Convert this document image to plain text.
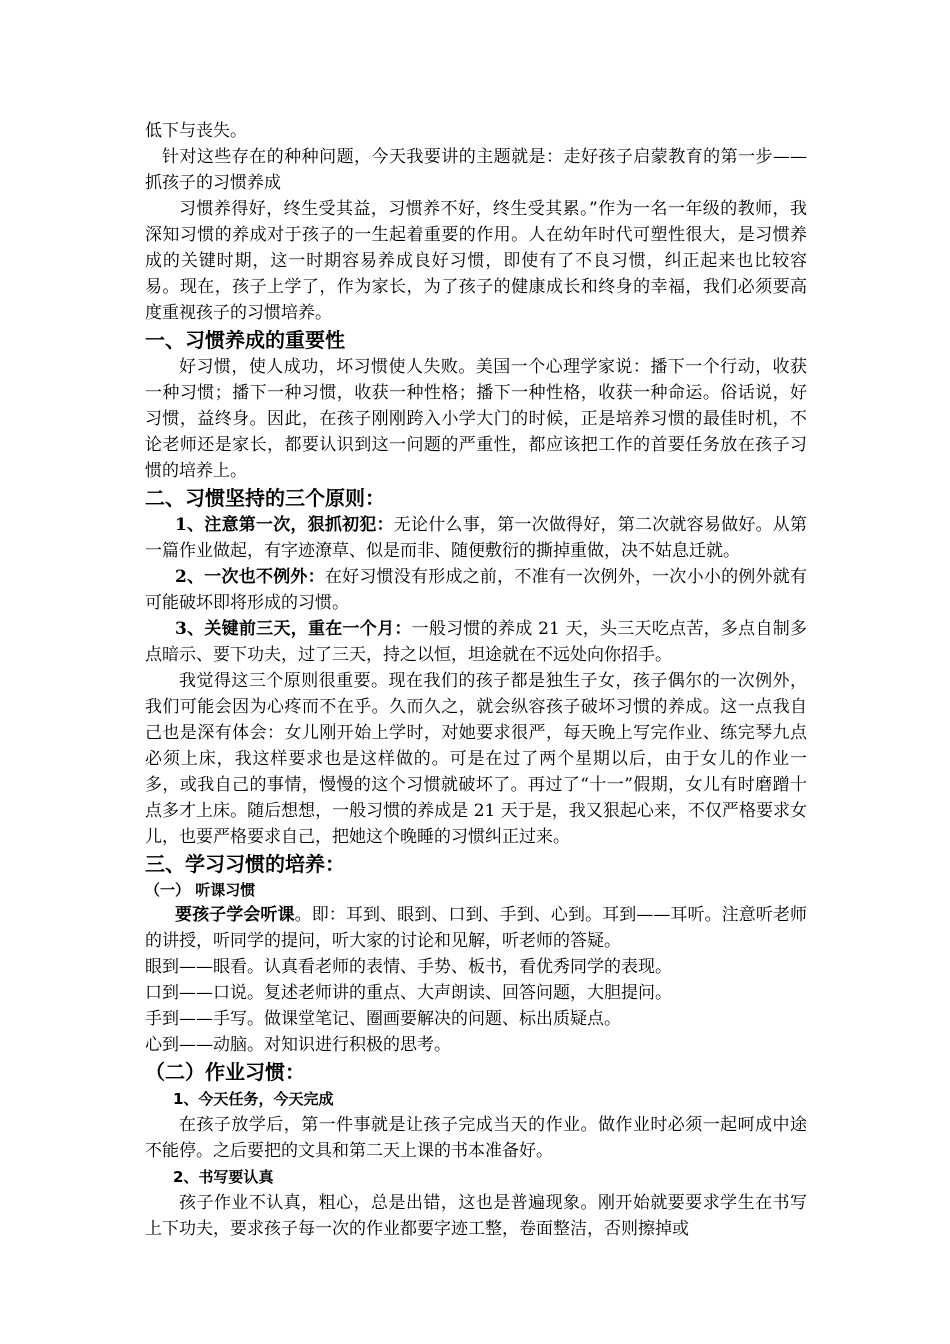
低下与丧失。

针对这些存在的种种问题，今天我要讲的主题就是：走好孩子启蒙教育的第一步——抓孩子的习惯养成

习惯养得好，终生受其益，习惯养不好，终生受其累。”作为一名一年级的教师，我深知习惯的养成对于孩子的一生起着重要的作用。人在幼年时代可塑性很大，是习惯养成的关键时期，这一时期容易养成良好习惯，即使有了不良习惯，纠正起来也比较容易。现在，孩子上学了，作为家长，为了孩子的健康成长和终身的幸福，我们必须要高度重视孩子的习惯培养。

一、习惯养成的重要性

好习惯，使人成功，坏习惯使人失败。美国一个心理学家说：播下一个行动，收获一种习惯；播下一种习惯，收获一种性格；播下一种性格，收获一种命运。俗话说，好习惯，益终身。因此，在孩子刚刚跨入小学大门的时候，正是培养习惯的最佳时机，不论老师还是家长，都要认识到这一问题的严重性，都应该把工作的首要任务放在孩子习惯的培养上。

二、习惯坚持的三个原则：

1、注意第一次，狠抓初犯：无论什么事，第一次做得好，第二次就容易做好。从第一篇作业做起，有字迹潦草、似是而非、随便敷衍的撕掉重做，决不姑息迁就。

2、一次也不例外：在好习惯没有形成之前，不准有一次例外，一次小小的例外就有可能破坏即将形成的习惯。

3、关键前三天，重在一个月：一般习惯的养成 21 天，头三天吃点苦，多点自制多点暗示、要下功夫，过了三天，持之以恒，坦途就在不远处向你招手。

我觉得这三个原则很重要。现在我们的孩子都是独生子女，孩子偶尔的一次例外，我们可能会因为心疼而不在乎。久而久之，就会纵容孩子破坏习惯的养成。这一点我自己也是深有体会：女儿刚开始上学时，对她要求很严，每天晚上写完作业、练完琴九点必须上床，我这样要求也是这样做的。可是在过了两个星期以后，由于女儿的作业一多，或我自己的事情，慢慢的这个习惯就破坏了。再过了“十一”假期，女儿有时磨蹭十点多才上床。随后想想，一般习惯的养成是 21 天于是，我又狠起心来，不仅严格要求女儿，也要严格要求自己，把她这个晚睡的习惯纠正过来。

三、学习习惯的培养：

（一） 听课习惯

要孩子学会听课。即：耳到、眼到、口到、手到、心到。耳到——耳听。注意听老师的讲授，听同学的提问，听大家的讨论和见解，听老师的答疑。

眼到——眼看。认真看老师的表情、手势、板书，看优秀同学的表现。

口到——口说。复述老师讲的重点、大声朗读、回答问题，大胆提问。

手到——手写。做课堂笔记、圈画要解决的问题、标出质疑点。

心到——动脑。对知识进行积极的思考。

（二）作业习惯：

1、今天任务，今天完成

在孩子放学后，第一件事就是让孩子完成当天的作业。做作业时必须一起呵成中途不能停。之后要把的文具和第二天上课的书本准备好。

2、书写要认真

孩子作业不认真，粗心，总是出错，这也是普遍现象。刚开始就要要求学生在书写上下功夫，要求孩子每一次的作业都要字迹工整，卷面整洁，否则擦掉或
